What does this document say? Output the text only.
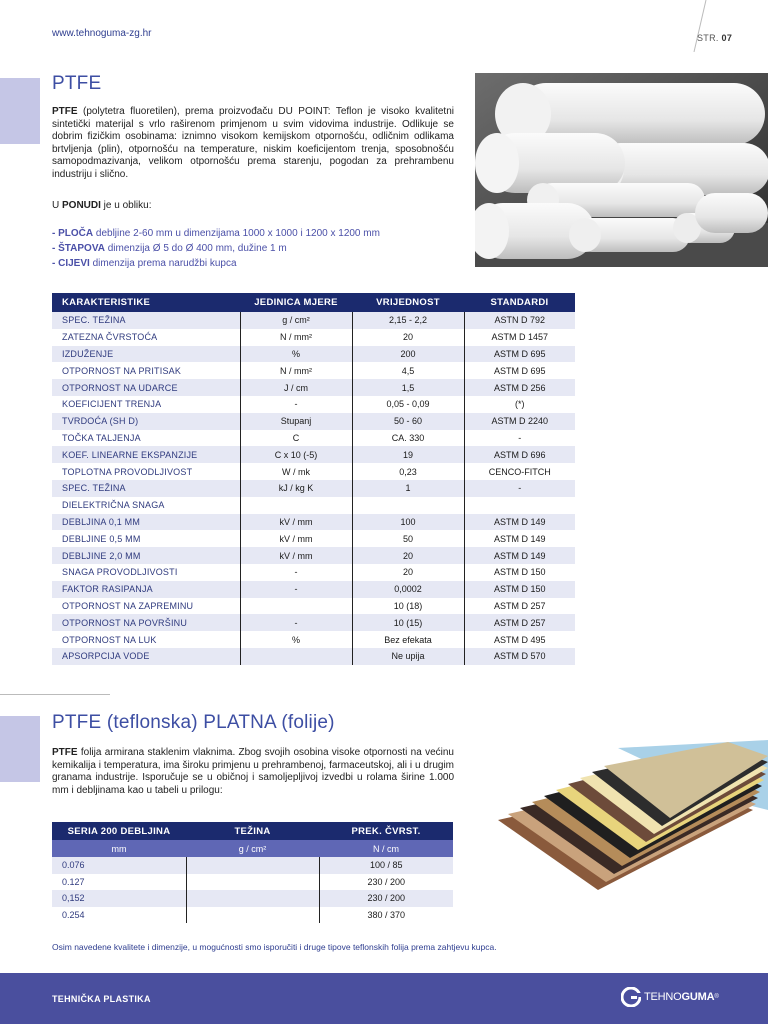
www.tehnoguma-zg.hr	STR. 07
PTFE

PTFE (polytetra fluoretilen), prema proizvođaču DU POINT: Teflon je visoko kvalitetni sintetički materijal s vrlo raširenom primjenom u svim vidovima industrije. Odlikuje se dobrim fizičkim osobinama: iznimno visokom kemijskom otpornošću, odličnim odlikama brtvljenja (plin), otpornošću na temperature, niskim koeficijentom trenja, sposobnošću samopodmazivanja, velikom otpornošću prema starenju, pogodan za prehrambenu industriju i slično.

U PONUDI je u obliku:
- PLOČA debljine 2-60 mm u dimenzijama 1000 x 1000 i 1200 x 1200 mm
- ŠTAPOVA dimenzija Ø 5 do Ø 400 mm, dužine 1 m
- CIJEVI dimenzija prema narudžbi kupca
KARAKTERISTIKE	JEDINICA MJERE	VRIJEDNOST	STANDARDI
SPEC. TEŽINA	g / cm²	2,15 - 2,2	ASTN D 792
ZATEZNA ČVRSTOĆA	N / mm²	20	ASTM D 1457
IZDUŽENJE	%	200	ASTM D 695
OTPORNOST NA PRITISAK	N / mm²	4,5	ASTM D 695
OTPORNOST NA UDARCE	J / cm	1,5	ASTM D 256
KOEFICIJENT TRENJA	-	0,05 - 0,09	(*)
TVRDOĆA (SH D)	Stupanj	50 - 60	ASTM D 2240
TOČKA TALJENJA	C	CA. 330	-
KOEF. LINEARNE EKSPANZIJE	C x 10 (-5)	19	ASTM D 696
TOPLOTNA PROVODLJIVOST	W / mk	0,23	CENCO-FITCH
SPEC. TEŽINA	kJ / kg K	1	-
DIELEKTRIČNA SNAGA			
DEBLJINA 0,1 MM	kV / mm	100	ASTM D 149
DEBLJINE 0,5 MM	kV / mm	50	ASTM D 149
DEBLJINE 2,0 MM	kV / mm	20	ASTM D 149
SNAGA PROVODLJIVOSTI	-	20	ASTM D 150
FAKTOR RASIPANJA	-	0,0002	ASTM D 150
OTPORNOST NA ZAPREMINU		10 (18)	ASTM D 257
OTPORNOST NA POVRŠINU	-	10 (15)	ASTM D 257
OTPORNOST NA LUK	%	Bez efekata	ASTM D 495
APSORPCIJA VODE		Ne upija	ASTM D 570
PTFE (teflonska) PLATNA (folije)

PTFE folija armirana staklenim vlaknima. Zbog svojih osobina visoke otpornosti na većinu kemikalija i temperatura, ima široku primjenu u prehrambenoj, farmaceutskoj, ali i u drugim granama industrije. Isporučuje se u običnoj i samoljepljivoj izvedbi u rolama širine 1.000 mm i debljinama kao u tabeli u prilogu:

SERIA 200 DEBLJINA	TEŽINA	PREK. ČVRST.
mm	g / cm²	N / cm
0.076		100 / 85
0.127		230 / 200
0,152		230 / 200
0.254		380 / 370
Osim navedene kvalitete i dimenzije, u mogućnosti smo isporučiti i druge tipove teflonskih folija prema zahtjevu kupca.
TEHNIČKA PLASTIKA	TEHNO GUMA ®
